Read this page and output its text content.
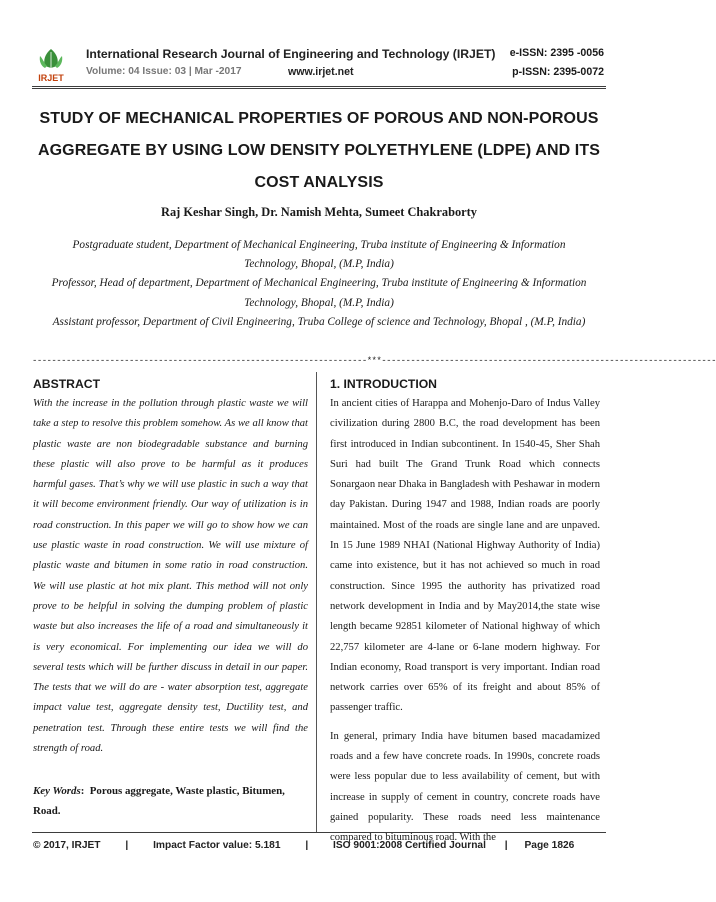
IRJET
International Research Journal of Engineering and Technology (IRJET) e-ISSN: 2395 -0056
Volume: 04 Issue: 03 | Mar -2017	www.irjet.net	p-ISSN: 2395-0072
STUDY OF MECHANICAL PROPERTIES OF POROUS AND NON-POROUS AGGREGATE BY USING LOW DENSITY POLYETHYLENE (LDPE) AND ITS COST ANALYSIS
Raj Keshar Singh, Dr. Namish Mehta, Sumeet Chakraborty

Postgraduate student, Department of Mechanical Engineering, Truba institute of Engineering & Information Technology, Bhopal, (M.P, India)

Professor, Head of department, Department of Mechanical Engineering, Truba institute of Engineering & Information Technology, Bhopal, (M.P, India)

Assistant professor, Department of Civil Engineering, Truba College of science and Technology, Bhopal , (M.P, India)

---------------------------------------------------------------------***---------------------------------------------------------------------
ABSTRACT

With the increase in the pollution through plastic waste we will take a step to resolve this problem somehow. As we all know that plastic waste are non biodegradable substance and burning these plastic will also prove to be harmful as it produces harmful gases. That’s why we will use plastic in such a way that it will become environment friendly. Our way of utilization is in road construction. In this paper we will go to show how we can use plastic waste in road construction. We will use mixture of plastic waste and bitumen in some ratio in road construction. We will use plastic at hot mix plant. This method will not only prove to be helpful in solving the dumping problem of plastic waste but also increases the life of a road and simultaneously it is very economical. For implementing our idea we will do several tests which will be further discuss in detail in our paper. The tests that we will do are - water absorption test, aggregate impact value test, aggregate density test, Ductility test, and penetration test. Through these entire tests we will find the strength of road.

Key Words:  Porous aggregate, Waste plastic, Bitumen, Road.
1. INTRODUCTION

In ancient cities of Harappa and Mohenjo-Daro of Indus Valley civilization during 2800 B.C, the road development has been first introduced in Indian subcontinent. In 1540-45, Sher Shah Suri had built The Grand Trunk Road which connects Sonargaon near Dhaka in Bangladesh with Peshawar in modern day Pakistan. During 1947 and 1988, Indian roads are poorly maintained. Most of the roads are single lane and are unpaved. In 15 June 1989 NHAI (National Highway Authority of India) came into existence, but it has not achieved so much in road construction. Since 1995 the authority has privatized road network development in India and by May2014,the state wise length became 92851 kilometer of National highway of which 22,757 kilometer are 4-lane or 6-lane modern highway. For Indian economy, Road transport is very important. Indian road network carries over 65% of its freight and about 85% of passenger traffic.

In general, primary India have bitumen based macadamized roads and a few have concrete roads. In 1990s, concrete roads were less popular due to less availability of cement, but with increase in supply of cement in country, concrete roads have gained popularity. These roads need less maintenance compared to bituminous road. With the

© 2017, IRJET | Impact Factor value: 5.181 | ISO 9001:2008 Certified Journal | Page 1826
